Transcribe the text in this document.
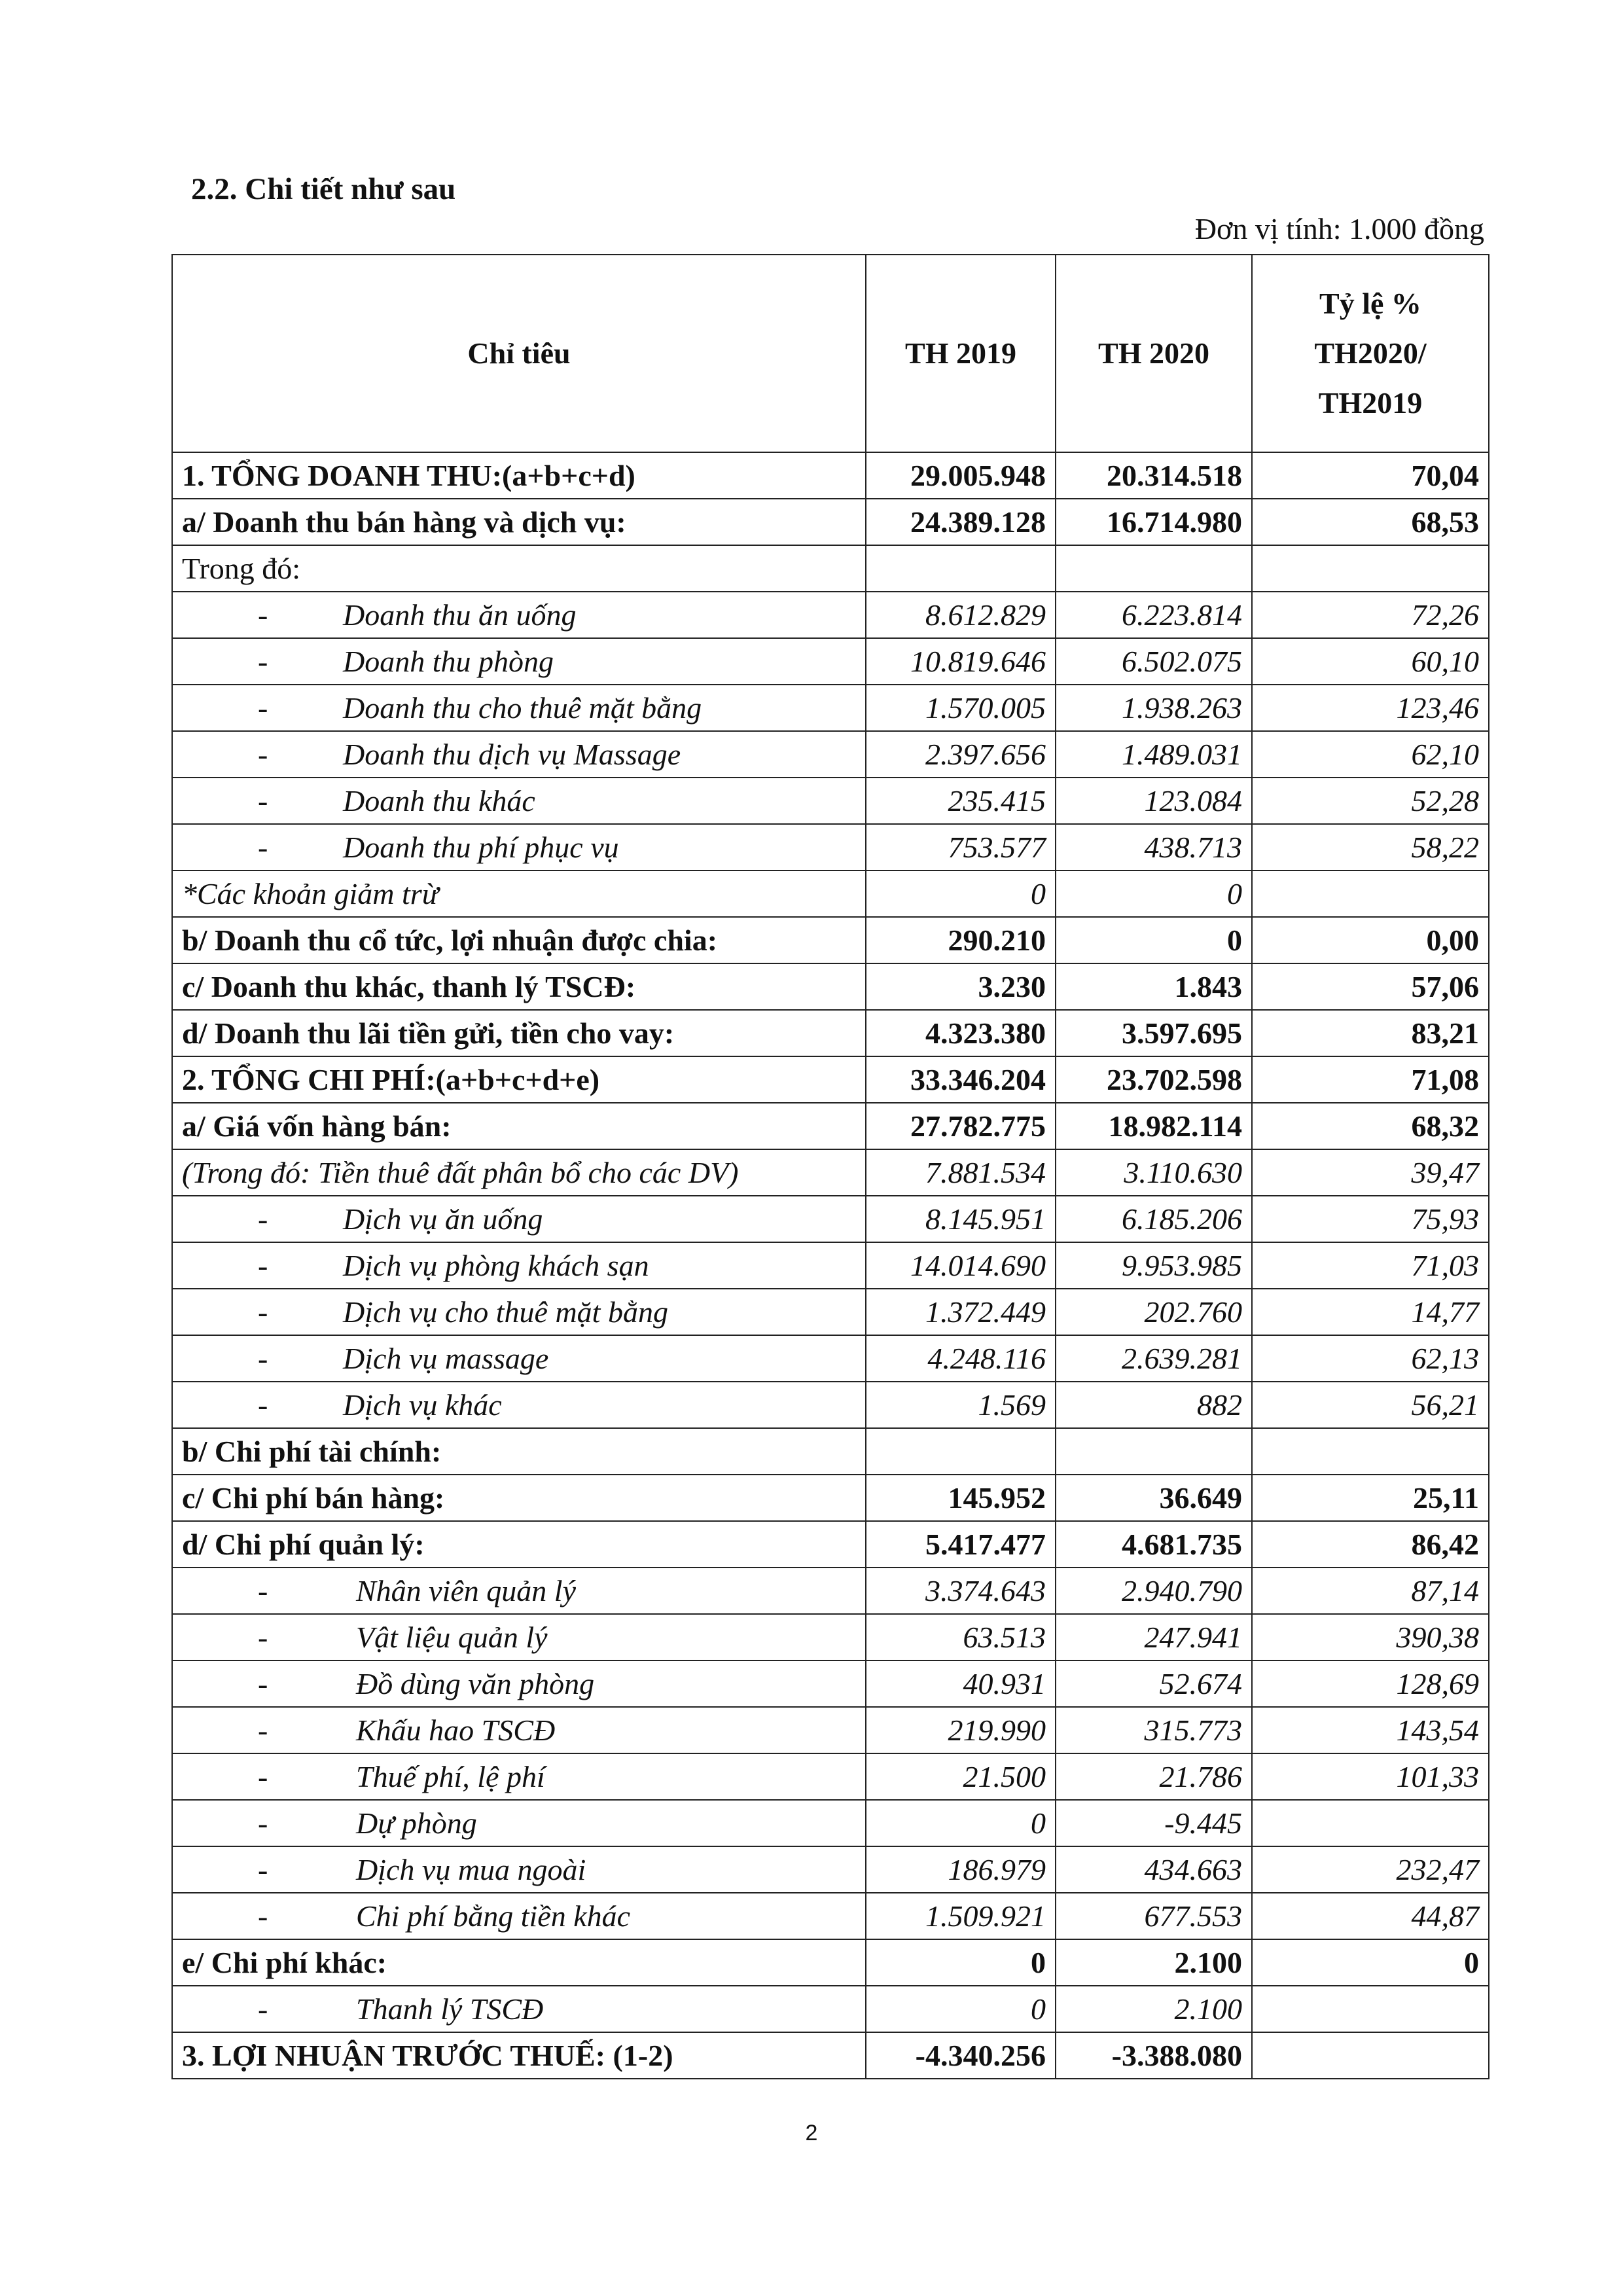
2.2. Chi tiết như sau
Đơn vị tính: 1.000 đồng
Chỉ tiêu	TH 2019	TH 2020	Tỷ lệ % TH2020/ TH2019
1. TỔNG DOANH THU:(a+b+c+d)	29.005.948	20.314.518	70,04
a/ Doanh thu bán hàng và dịch vụ:	24.389.128	16.714.980	68,53
Trong đó:			
- Doanh thu ăn uống	8.612.829	6.223.814	72,26
- Doanh thu phòng	10.819.646	6.502.075	60,10
- Doanh thu cho thuê mặt bằng	1.570.005	1.938.263	123,46
- Doanh thu dịch vụ Massage	2.397.656	1.489.031	62,10
- Doanh thu khác	235.415	123.084	52,28
- Doanh thu phí phục vụ	753.577	438.713	58,22
*Các khoản giảm trừ	0	0	
b/ Doanh thu cổ tức, lợi nhuận được chia:	290.210	0	0,00
c/ Doanh thu khác, thanh lý TSCĐ:	3.230	1.843	57,06
d/ Doanh thu lãi tiền gửi, tiền cho vay:	4.323.380	3.597.695	83,21
2. TỔNG CHI PHÍ:(a+b+c+d+e)	33.346.204	23.702.598	71,08
a/ Giá vốn hàng bán:	27.782.775	18.982.114	68,32
(Trong đó: Tiền thuê đất phân bổ cho các DV)	7.881.534	3.110.630	39,47
- Dịch vụ ăn uống	8.145.951	6.185.206	75,93
- Dịch vụ phòng khách sạn	14.014.690	9.953.985	71,03
- Dịch vụ cho thuê mặt bằng	1.372.449	202.760	14,77
- Dịch vụ massage	4.248.116	2.639.281	62,13
- Dịch vụ khác	1.569	882	56,21
b/ Chi phí tài chính:			
c/ Chi phí bán hàng:	145.952	36.649	25,11
d/ Chi phí quản lý:	5.417.477	4.681.735	86,42
- Nhân viên quản lý	3.374.643	2.940.790	87,14
- Vật liệu quản lý	63.513	247.941	390,38
- Đồ dùng văn phòng	40.931	52.674	128,69
- Khấu hao TSCĐ	219.990	315.773	143,54
- Thuế phí, lệ phí	21.500	21.786	101,33
- Dự phòng	0	-9.445	
- Dịch vụ mua ngoài	186.979	434.663	232,47
- Chi phí bằng tiền khác	1.509.921	677.553	44,87
e/ Chi phí khác:	0	2.100	0
- Thanh lý TSCĐ	0	2.100	
3. LỢI NHUẬN TRƯỚC THUẾ: (1-2)	-4.340.256	-3.388.080	
2
